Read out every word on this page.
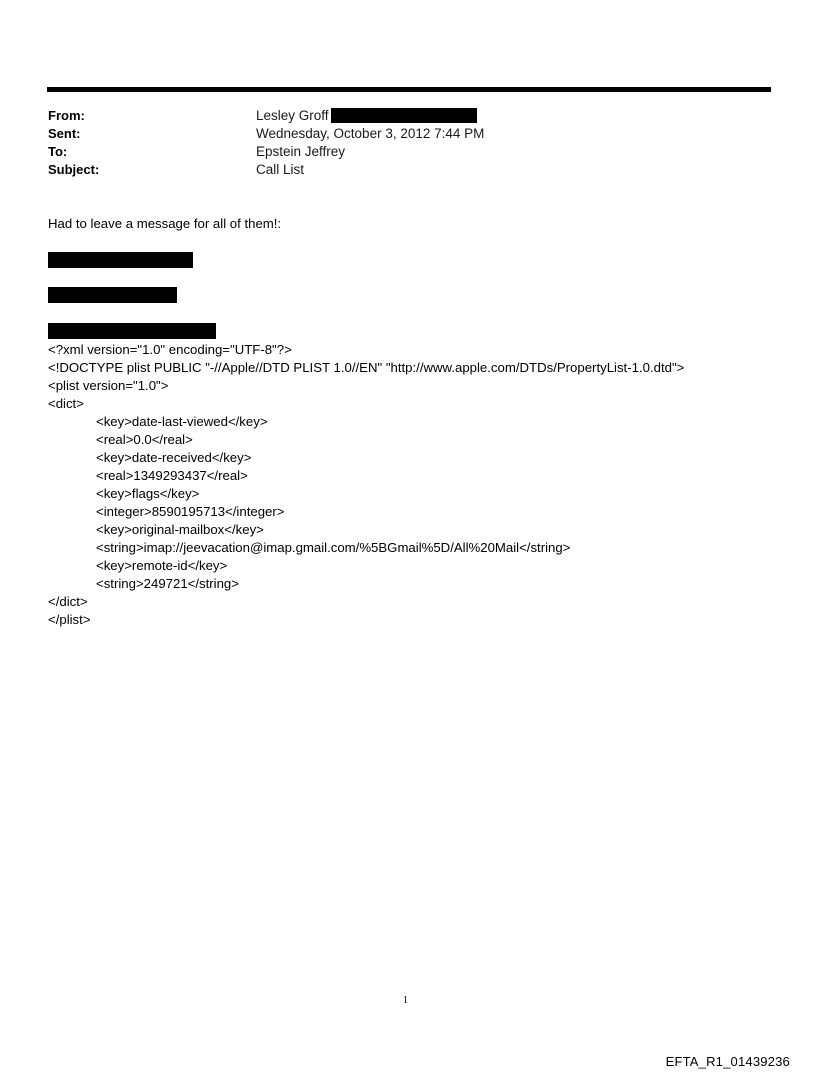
From:	Lesley Groff
Sent:	Wednesday, October 3, 2012 7:44 PM
To:	Epstein Jeffrey
Subject:	Call List
Had to leave a message for all of them!:
<?xml version="1.0" encoding="UTF-8"?>
<!DOCTYPE plist PUBLIC "-//Apple//DTD PLIST 1.0//EN" "http://www.apple.com/DTDs/PropertyList-1.0.dtd">
<plist version="1.0">
<dict>
<key>date-last-viewed</key>
<real>0.0</real>
<key>date-received</key>
<real>1349293437</real>
<key>flags</key>
<integer>8590195713</integer>
<key>original-mailbox</key>
<string>imap://jeevacation@imap.gmail.com/%5BGmail%5D/All%20Mail</string>
<key>remote-id</key>
<string>249721</string>
</dict>
</plist>
1
EFTA_R1_01439236
